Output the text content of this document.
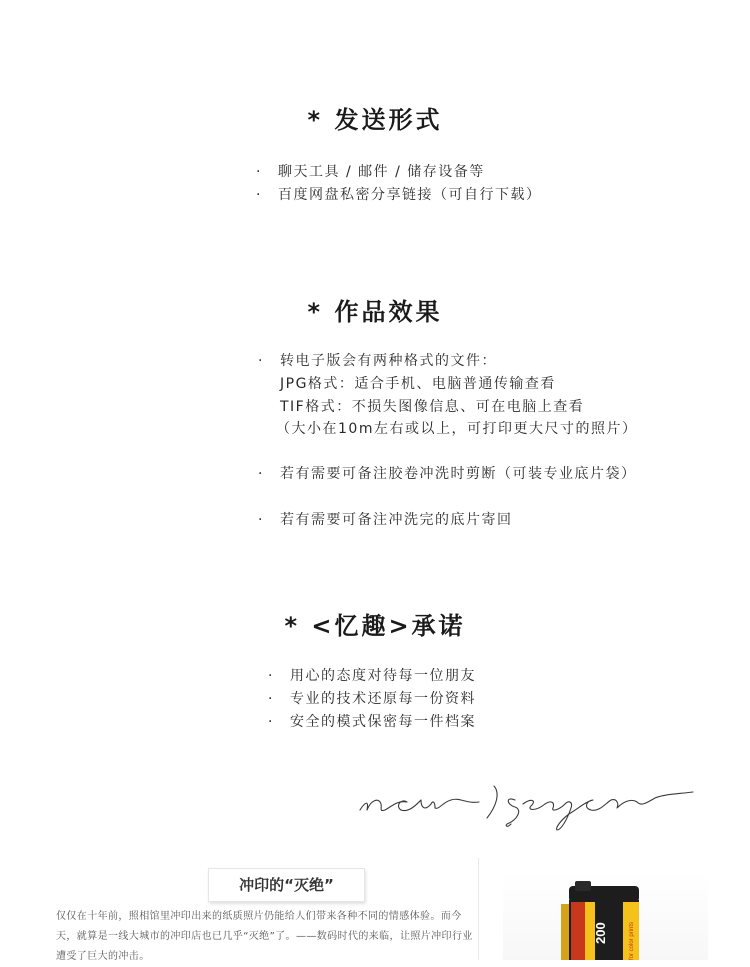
* 发送形式
· 聊天工具 / 邮件 / 储存设备等
· 百度网盘私密分享链接（可自行下载）
* 作品效果
· 转电子版会有两种格式的文件：
JPG格式：适合手机、电脑普通传输查看
TIF格式：不损失图像信息、可在电脑上查看
（大小在10m左右或以上，可打印更大尺寸的照片）
· 若有需要可备注胶卷冲洗时剪断（可装专业底片袋）
· 若有需要可备注冲洗完的底片寄回
* <忆趣>承诺
· 用心的态度对待每一位朋友
· 专业的技术还原每一份资料
· 安全的模式保密每一件档案
冲印的“灭绝”
仅仅在十年前，照相馆里冲印出来的纸质照片仍能给人们带来各种不同的情感体验。而今天，就算是一线大城市的冲印店也已几乎“灭绝”了。——数码时代的来临，让照片冲印行业遭受了巨大的冲击。
200	for color prints
